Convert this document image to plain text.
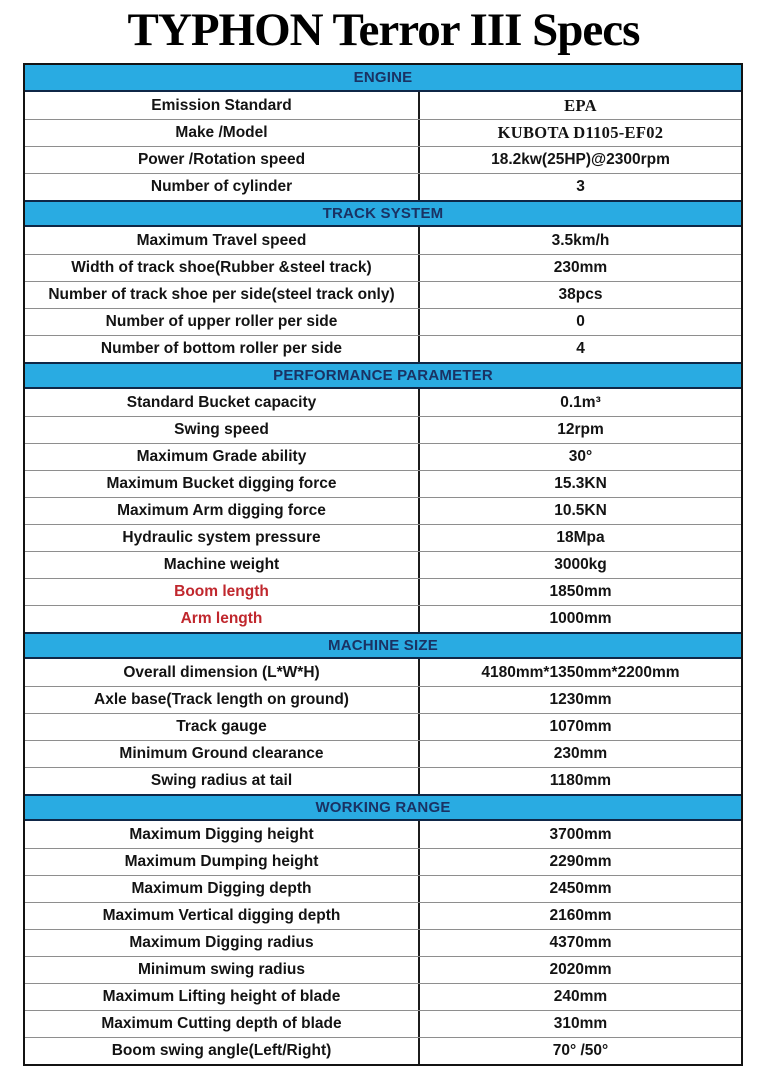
TYPHON Terror III Specs
ENGINE
Emission Standard	EPA
Make /Model	KUBOTA D1105-EF02
Power /Rotation speed	18.2kw(25HP)@2300rpm
Number of cylinder	3
TRACK SYSTEM
Maximum Travel speed	3.5km/h
Width of track shoe(Rubber &steel track)	230mm
Number of track shoe per side(steel track only)	38pcs
Number of upper roller per side	0
Number of bottom roller per side	4
PERFORMANCE PARAMETER
Standard Bucket capacity	0.1m³
Swing speed	12rpm
Maximum Grade ability	30°
Maximum Bucket digging force	15.3KN
Maximum Arm digging force	10.5KN
Hydraulic system pressure	18Mpa
Machine weight	3000kg
Boom length	1850mm
Arm length	1000mm
MACHINE SIZE
Overall dimension (L*W*H)	4180mm*1350mm*2200mm
Axle base(Track length on ground)	1230mm
Track gauge	1070mm
Minimum Ground clearance	230mm
Swing radius at tail	1180mm
WORKING RANGE
Maximum Digging height	3700mm
Maximum Dumping height	2290mm
Maximum Digging depth	2450mm
Maximum Vertical digging depth	2160mm
Maximum Digging radius	4370mm
Minimum swing radius	2020mm
Maximum Lifting height of blade	240mm
Maximum Cutting depth of blade	310mm
Boom swing angle(Left/Right)	70° /50°
